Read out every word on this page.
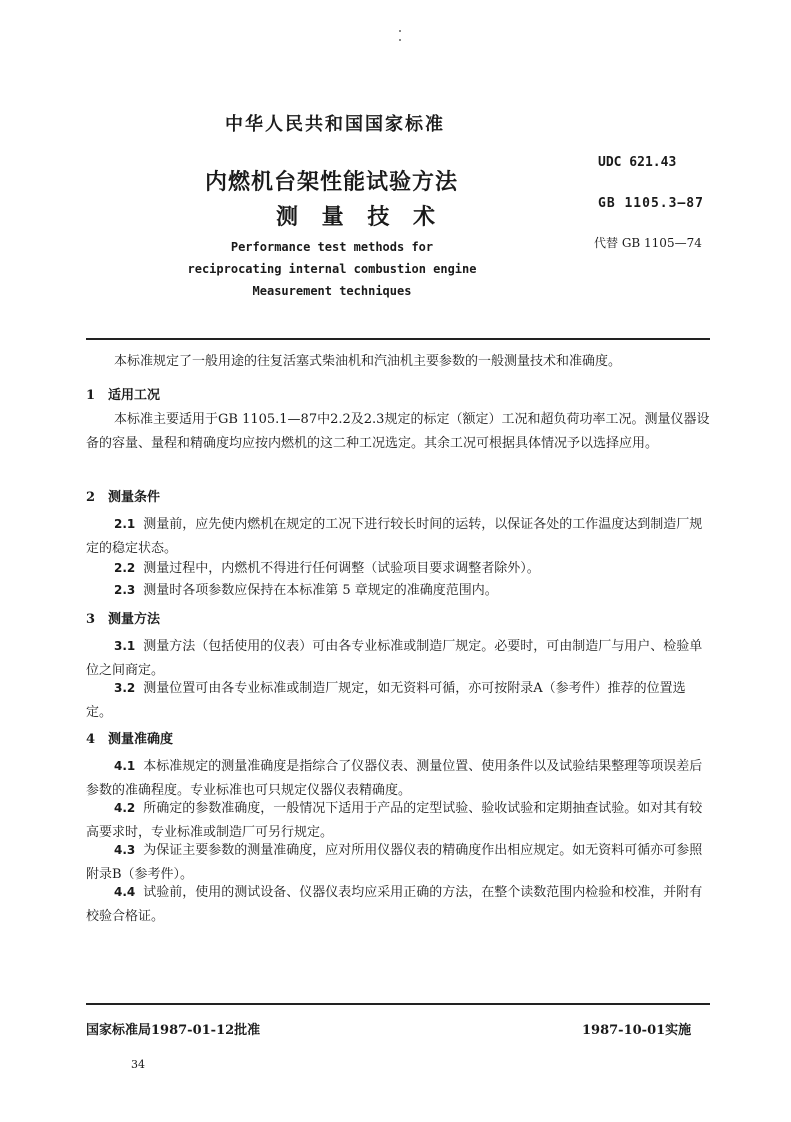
中华人民共和国国家标准
内燃机台架性能试验方法
测 量 技 术
UDC 621.43
GB 1105.3—87
代替 GB 1105—74
Performance test methods for
reciprocating internal combustion engine
Measurement techniques
本标准规定了一般用途的往复活塞式柴油机和汽油机主要参数的一般测量技术和准确度。
1 适用工况
本标准主要适用于GB 1105.1—87中2.2及2.3规定的标定（额定）工况和超负荷功率工况。测量仪器设备的容量、量程和精确度均应按内燃机的这二种工况选定。其余工况可根据具体情况予以选择应用。
2 测量条件
2.1 测量前，应先使内燃机在规定的工况下进行较长时间的运转，以保证各处的工作温度达到制造厂规定的稳定状态。
2.2 测量过程中，内燃机不得进行任何调整（试验项目要求调整者除外）。
2.3 测量时各项参数应保持在本标准第 5 章规定的准确度范围内。
3 测量方法
3.1 测量方法（包括使用的仪表）可由各专业标准或制造厂规定。必要时，可由制造厂与用户、检验单位之间商定。
3.2 测量位置可由各专业标准或制造厂规定，如无资料可循，亦可按附录A（参考件）推荐的位置选定。
4 测量准确度
4.1 本标准规定的测量准确度是指综合了仪器仪表、测量位置、使用条件以及试验结果整理等项误差后参数的准确程度。专业标准也可只规定仪器仪表精确度。
4.2 所确定的参数准确度，一般情况下适用于产品的定型试验、验收试验和定期抽查试验。如对其有较高要求时，专业标准或制造厂可另行规定。
4.3 为保证主要参数的测量准确度，应对所用仪器仪表的精确度作出相应规定。如无资料可循亦可参照附录B（参考件）。
4.4 试验前，使用的测试设备、仪器仪表均应采用正确的方法，在整个读数范围内检验和校准，并附有校验合格证。
国家标准局1987-01-12批准	1987-10-01实施
34
